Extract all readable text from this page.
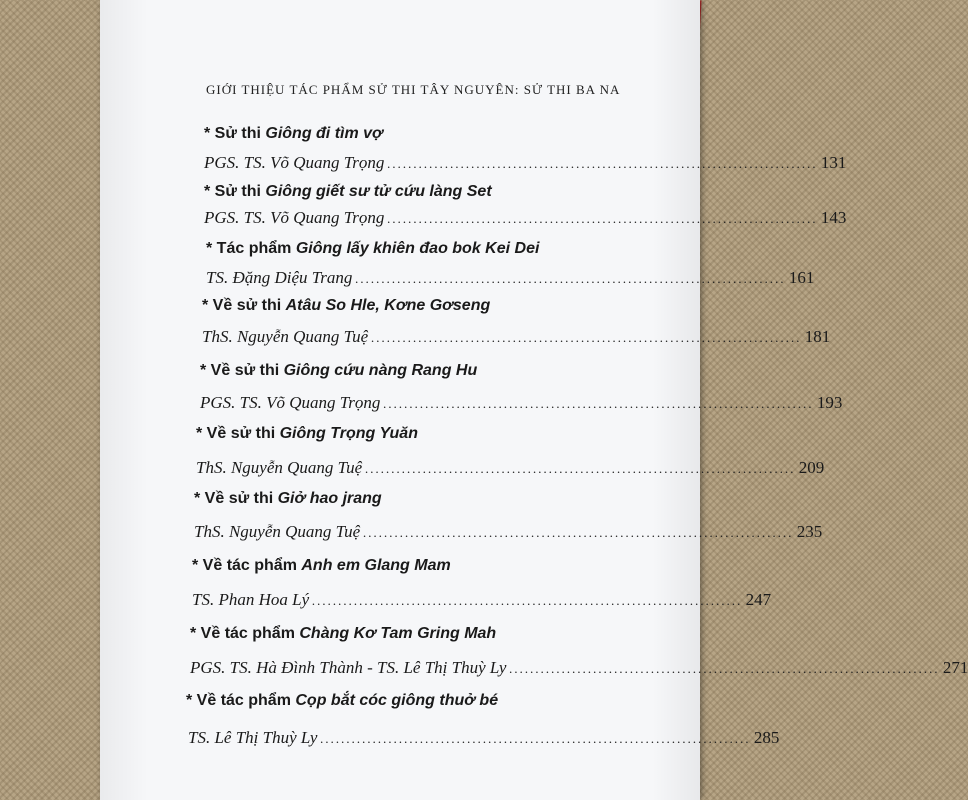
GIỚI THIỆU TÁC PHẨM SỬ THI TÂY NGUYÊN: SỬ THI BA NA
* Sử thi Giông đi tìm vợ
PGS. TS. Võ Quang Trọng .................................................................................. 131
* Sử thi Giông giết sư tử cứu làng Set
PGS. TS. Võ Quang Trọng .................................................................................. 143
* Tác phẩm Giông lấy khiên đao bok Kei Dei
TS. Đặng Diệu Trang .................................................................................. 161
* Về sử thi Atâu So Hle, Kơne Gơseng
ThS. Nguyễn Quang Tuệ .................................................................................. 181
* Về sử thi Giông cứu nàng Rang Hu
PGS. TS. Võ Quang Trọng .................................................................................. 193
* Về sử thi Giông Trọng Yuăn
ThS. Nguyễn Quang Tuệ .................................................................................. 209
* Về sử thi Giở hao jrang
ThS. Nguyễn Quang Tuệ .................................................................................. 235
* Về tác phẩm Anh em Glang Mam
TS. Phan Hoa Lý .................................................................................. 247
* Về tác phẩm Chàng Kơ Tam Gring Mah
PGS. TS. Hà Đình Thành - TS. Lê Thị Thuỳ Ly .................................................................................. 271
* Về tác phẩm Cọp bắt cóc giông thuở bé
TS. Lê Thị Thuỳ Ly .................................................................................. 285
